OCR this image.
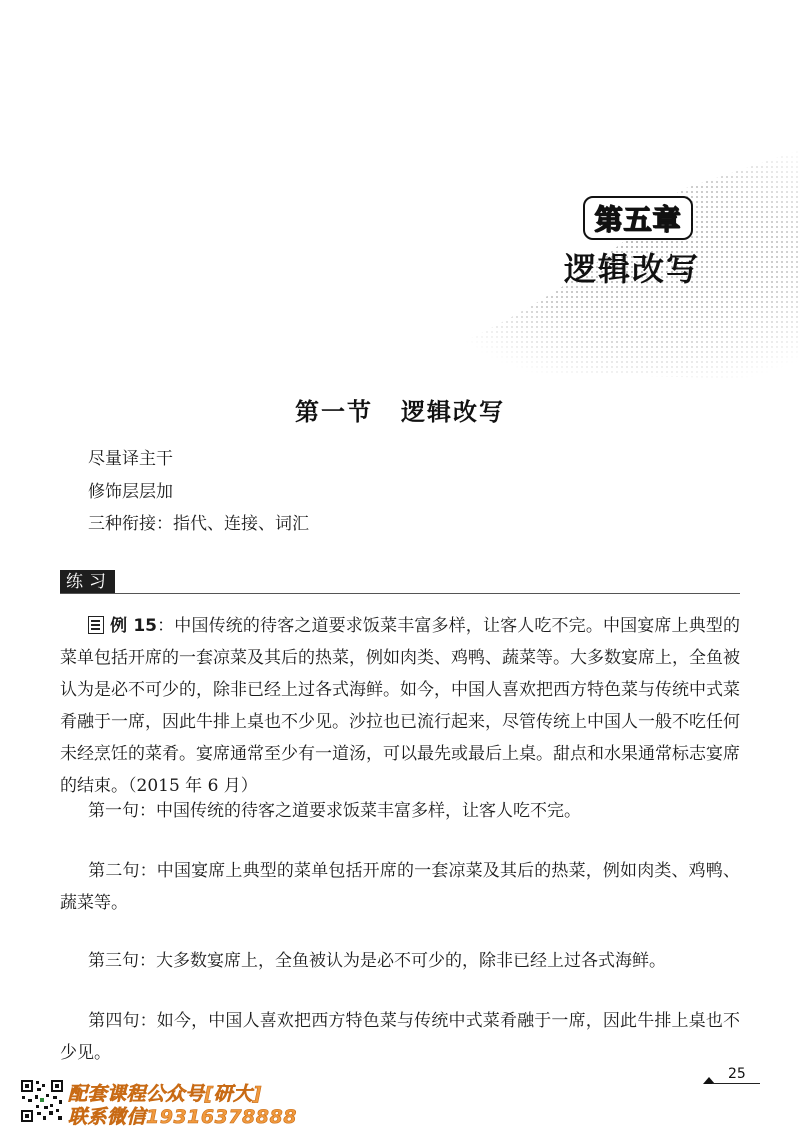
第五章
逻辑改写
第一节 逻辑改写
尽量译主干
修饰层层加
三种衔接：指代、连接、词汇
练习
例 15：中国传统的待客之道要求饭菜丰富多样，让客人吃不完。中国宴席上典型的菜单包括开席的一套凉菜及其后的热菜，例如肉类、鸡鸭、蔬菜等。大多数宴席上，全鱼被认为是必不可少的，除非已经上过各式海鲜。如今，中国人喜欢把西方特色菜与传统中式菜肴融于一席，因此牛排上桌也不少见。沙拉也已流行起来，尽管传统上中国人一般不吃任何未经烹饪的菜肴。宴席通常至少有一道汤，可以最先或最后上桌。甜点和水果通常标志宴席的结束。（2015 年 6 月）
第一句：中国传统的待客之道要求饭菜丰富多样，让客人吃不完。
第二句：中国宴席上典型的菜单包括开席的一套凉菜及其后的热菜，例如肉类、鸡鸭、蔬菜等。
第三句：大多数宴席上，全鱼被认为是必不可少的，除非已经上过各式海鲜。
第四句：如今，中国人喜欢把西方特色菜与传统中式菜肴融于一席，因此牛排上桌也不少见。
25
配套课程公众号[研大]
联系微信19316378888
